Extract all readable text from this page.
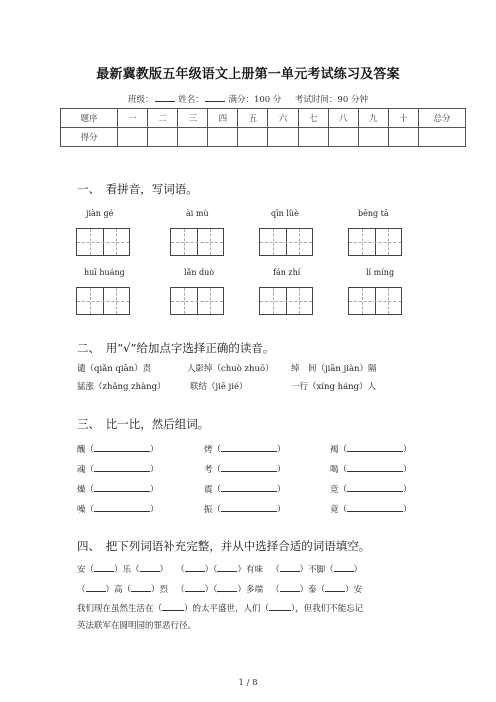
最新冀教版五年级语文上册第一单元考试练习及答案
班级：	姓名：	满分：100 分 考试时间：90 分钟
题序	一	二	三	四	五	六	七	八	九	十	总分
得分											
一、　看拼音，写词语。
jiàn gé	ài mù	qīn lüè	bēng tā
huī huáng	lǎn duò	fán zhí	lí míng
二、　用“√”给加点字选择正确的读音。
谴（qiǎn qiān）责	人影绰（chuò zhuō） 绰　间（jiān jiàn）隔
猛涨（zhǎng zhàng）	联结（jiē jié）	一行（xíng háng）人
三、　比一比，然后组词。
醜（	）	烤（	）	褐（	）
魂（	）	考（	）	喝（	）
燥（	）	震（	）	竞（	）
噪（	）	振（	）	竟（	）
四、　把下列词语补充完整，并从中选择合适的词语填空。
安（ ）乐（ ） （ ）（ ）有味 （ ）不脚（ ）
（ ）高（ ）烈 （ ）（ ）多端 （ ）泰（ ）安
我们现在虽然生活在（	）的太平盛世，人们（	），但我们不能忘记
英法联军在圆明园的罪恶行径。
1 / 8
